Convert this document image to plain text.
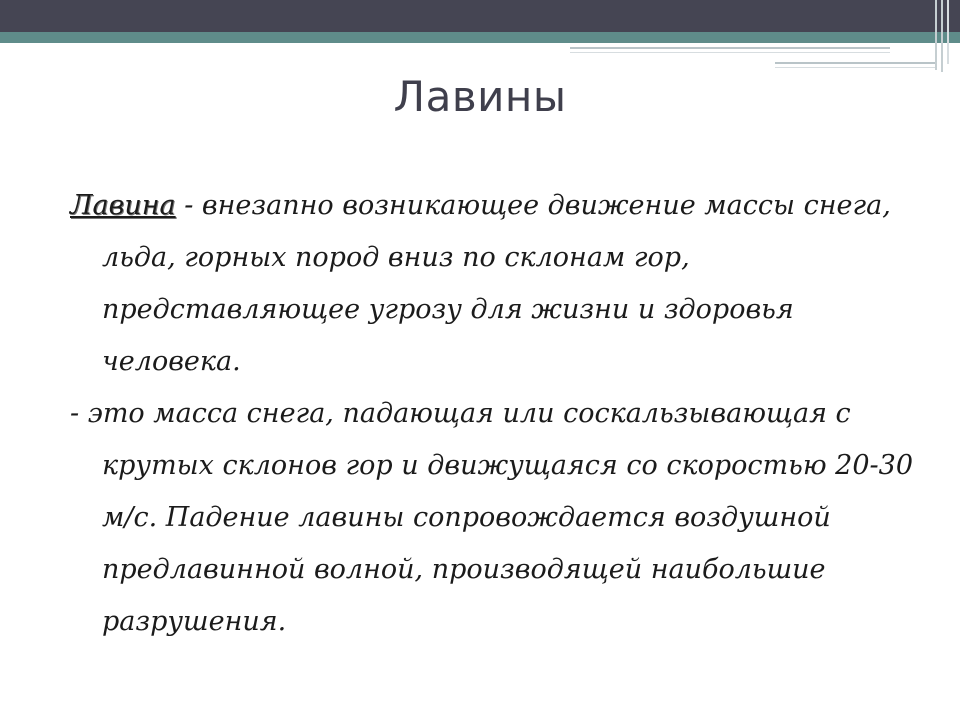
Лавины

Лавина - внезапно возникающее движение массы снега, льда, горных пород вниз по склонам гор, представляющее угрозу для жизни и здоровья человека.

- это масса снега, падающая или соскальзывающая с крутых склонов гор и движущаяся со скоростью 20-30 м/с. Падение лавины сопровождается воздушной предлавинной волной, производящей наибольшие разрушения.
